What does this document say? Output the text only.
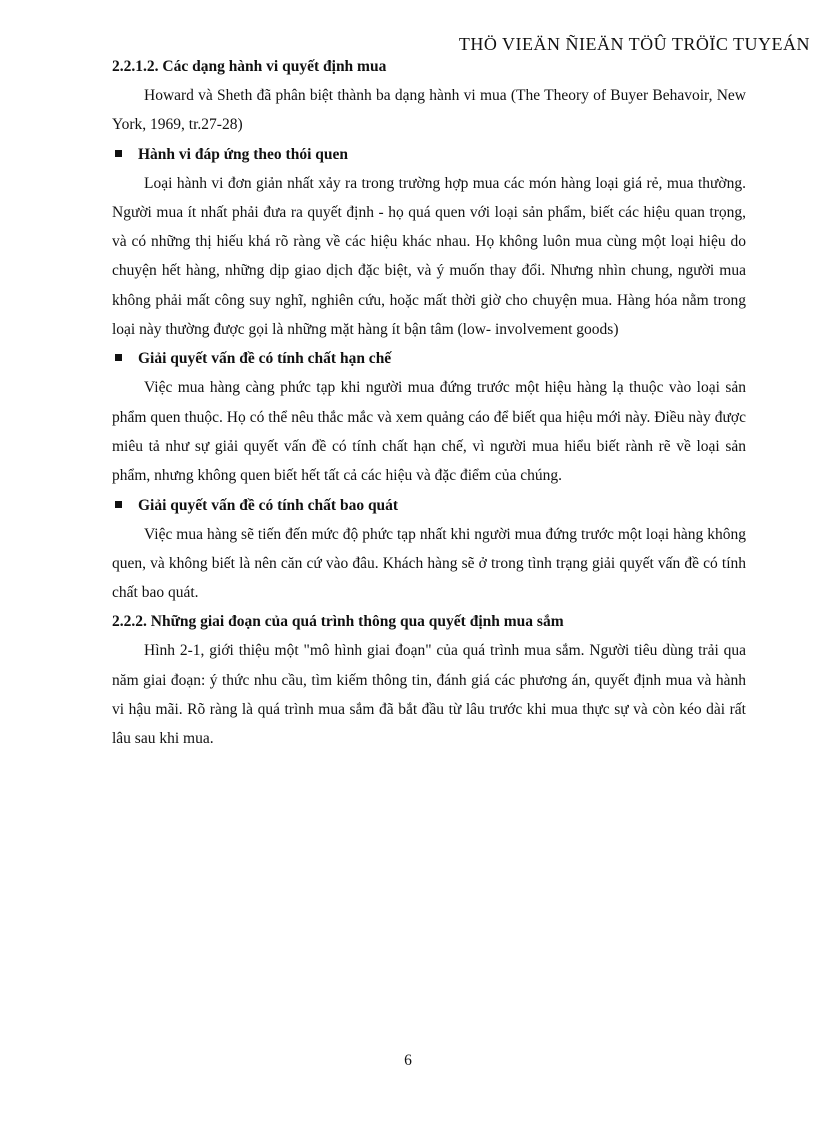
THÖ VIEÄN ÑIEÄN TÖÛ TRÖÏC TUYEÁN
2.2.1.2. Các dạng hành vi quyết định mua

Howard và Sheth đã phân biệt thành ba dạng hành vi mua (The Theory of Buyer Behavoir, New York, 1969, tr.27-28)

Hành vi đáp ứng theo thói quen

Loại hành vi đơn giản nhất xảy ra trong trường hợp mua các món hàng loại giá rẻ, mua thường. Người mua ít nhất phải đưa ra quyết định - họ quá quen với loại sản phẩm, biết các hiệu quan trọng, và có những thị hiếu khá rõ ràng về các hiệu khác nhau. Họ không luôn mua cùng một loại hiệu do chuyện hết hàng, những dịp giao dịch đặc biệt, và ý muốn thay đổi. Nhưng nhìn chung, người mua không phải mất công suy nghĩ, nghiên cứu, hoặc mất thời giờ cho chuyện mua. Hàng hóa nằm trong loại này thường được gọi là những mặt hàng ít bận tâm (low- involvement goods)

Giải quyết vấn đề có tính chất hạn chế

Việc mua hàng càng phức tạp khi người mua đứng trước một hiệu hàng lạ thuộc vào loại sản phẩm quen thuộc. Họ có thể nêu thắc mắc và xem quảng cáo để biết qua hiệu mới này. Điều này được miêu tả như sự giải quyết vấn đề có tính chất hạn chế, vì người mua hiểu biết rành rẽ về loại sản phẩm, nhưng không quen biết hết tất cả các hiệu và đặc điểm của chúng.

Giải quyết vấn đề có tính chất bao quát

Việc mua hàng sẽ tiến đến mức độ phức tạp nhất khi người mua đứng trước một loại hàng không quen, và không biết là nên căn cứ vào đâu. Khách hàng sẽ ở trong tình trạng giải quyết vấn đề có tính chất bao quát.

2.2.2. Những giai đoạn của quá trình thông qua quyết định mua sắm

Hình 2-1, giới thiệu một "mô hình giai đoạn" của quá trình mua sắm. Người tiêu dùng trải qua năm giai đoạn: ý thức nhu cầu, tìm kiếm thông tin, đánh giá các phương án, quyết định mua và hành vi hậu mãi. Rõ ràng là quá trình mua sắm đã bắt đầu từ lâu trước khi mua thực sự và còn kéo dài rất lâu sau khi mua.

6
